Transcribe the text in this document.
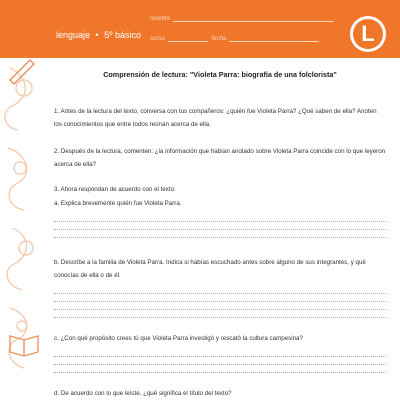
lenguaje • 5º básico
nombre
curso	fecha	L
Comprensión de lectura: "Violeta Parra: biografía de una folclorista"
1. Antes de la lectura del texto, conversa con tus compañeros: ¿quién fue Violeta Parra? ¿Qué saben de ella? Anoten los conocimientos que entre todos reúnan acerca de ella.
2. Después de la lectura, comenten: ¿la información que habían anotado sobre Violeta Parra coincide con lo que leyeron acerca de ella?
3. Ahora respondan de acuerdo con el texto:
a. Explica brevemente quién fue Violeta Parra.
b. Describe a la familia de Violeta Parra. Indica si habías escuchado antes sobre alguno de sus integrantes, y qué conocías de ella o de él.
c. ¿Con qué propósito crees tú que Violeta Parra investigó y rescató la cultura campesina?
d. De acuerdo con lo que leíste, ¿qué significa el título del texto?
